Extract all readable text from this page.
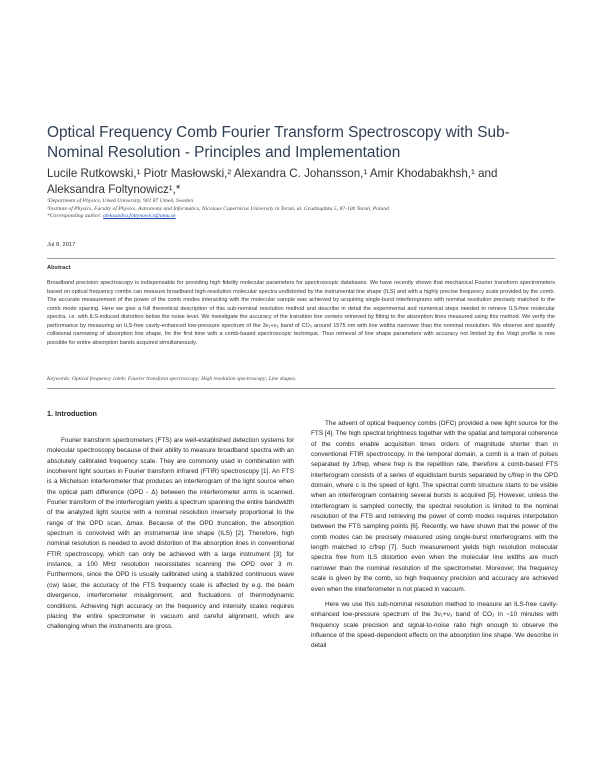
Optical Frequency Comb Fourier Transform Spectroscopy with Sub-Nominal Resolution - Principles and Implementation
Lucile Rutkowski,¹ Piotr Masłowski,² Alexandra C. Johansson,¹ Amir Khodabakhsh,¹ and Aleksandra Foltynowicz¹,*
¹Department of Physics, Umeå University, 901 87 Umeå, Sweden
²Institute of Physics, Faculty of Physics, Astronomy and Informatics, Nicolaus Copernicus University in Toruń, ul. Grudziądzka 5, 87-100 Toruń, Poland
*Corresponding author: aleksandra.foltynowicz@umu.se
Jul 8, 2017
Abstract
Broadband precision spectroscopy is indispensable for providing high fidelity molecular parameters for spectroscopic databases. We have recently shown that mechanical Fourier transform spectrometers based on optical frequency combs can measure broadband high-resolution molecular spectra undistorted by the instrumental line shape (ILS) and with a highly precise frequency scale provided by the comb. The accurate measurement of the power of the comb modes interacting with the molecular sample was achieved by acquiring single-burst interferograms with nominal resolution precisely matched to the comb mode spacing. Here we give a full theoretical description of this sub-nominal resolution method and describe in detail the experimental and numerical steps needed to retrieve ILS-free molecular spectra, i.e. with ILS-induced distortion below the noise level. We investigate the accuracy of the transition line centers retrieved by fitting to the absorption lines measured using this method. We verify the performance by measuring an ILS-free cavity-enhanced low-pressure spectrum of the 3ν₁+ν₃ band of CO₂ around 1575 nm with line widths narrower than the nominal resolution. We observe and quantify collisional narrowing of absorption line shape, for the first time with a comb-based spectroscopic technique. Thus retrieval of line shape parameters with accuracy not limited by the Voigt profile is now possible for entire absorption bands acquired simultaneously.
Keywords: Optical frequency comb; Fourier transform spectroscopy; High resolution spectroscopy; Line shapes.
1. Introduction

Fourier transform spectrometers (FTS) are well-established detection systems for molecular spectroscopy because of their ability to measure broadband spectra with an absolutely calibrated frequency scale. They are commonly used in combination with incoherent light sources in Fourier transform infrared (FTIR) spectroscopy [1]. An FTS is a Michelson interferometer that produces an interferogram of the light source when the optical path difference (OPD - Δ) between the interferometer arms is scanned. Fourier transform of the interferogram yields a spectrum spanning the entire bandwidth of the analyzed light source with a nominal resolution inversely proportional to the range of the OPD scan, Δmax. Because of the OPD truncation, the absorption spectrum is convolved with an instrumental line shape (ILS) [2]. Therefore, high nominal resolution is needed to avoid distortion of the absorption lines in conventional FTIR spectroscopy, which can only be achieved with a large instrument [3]; for instance, a 100 MHz resolution necessitates scanning the OPD over 3 m. Furthermore, since the OPD is usually calibrated using a stabilized continuous wave (cw) laser, the accuracy of the FTS frequency scale is affected by e.g. the beam divergence, interferometer misalignment, and fluctuations of thermodynamic conditions. Achieving high accuracy on the frequency and intensity scales requires placing the entire spectrometer in vacuum and careful alignment, which are challenging when the instruments are gross.

The advent of optical frequency combs (OFC) provided a new light source for the FTS [4]. The high spectral brightness together with the spatial and temporal coherence of the combs enable acquisition times orders of magnitude shorter than in conventional FTIR spectroscopy. In the temporal domain, a comb is a train of pulses separated by 1/frep, where frep is the repetition rate, therefore a comb-based FTS interferogram consists of a series of equidistant bursts separated by c/frep in the OPD domain, where c is the speed of light. The spectral comb structure starts to be visible when an interferogram containing several bursts is acquired [5]. However, unless the interferogram is sampled correctly, the spectral resolution is limited to the nominal resolution of the FTS and retrieving the power of comb modes requires interpolation between the FTS sampling points [6]. Recently, we have shown that the power of the comb modes can be precisely measured using single-burst interferograms with the length matched to c/frep [7]. Such measurement yields high resolution molecular spectra free from ILS distortion even when the molecular line widths are much narrower than the nominal resolution of the spectrometer. Moreover, the frequency scale is given by the comb, so high frequency precision and accuracy are achieved even when the interferometer is not placed in vacuum.

Here we use this sub-nominal resolution method to measure an ILS-free cavity-enhanced low-pressure spectrum of the 3ν₁+ν₃ band of CO₂ in ~10 minutes with frequency scale precision and signal-to-noise ratio high enough to observe the influence of the speed-dependent effects on the absorption line shape. We describe in detail
